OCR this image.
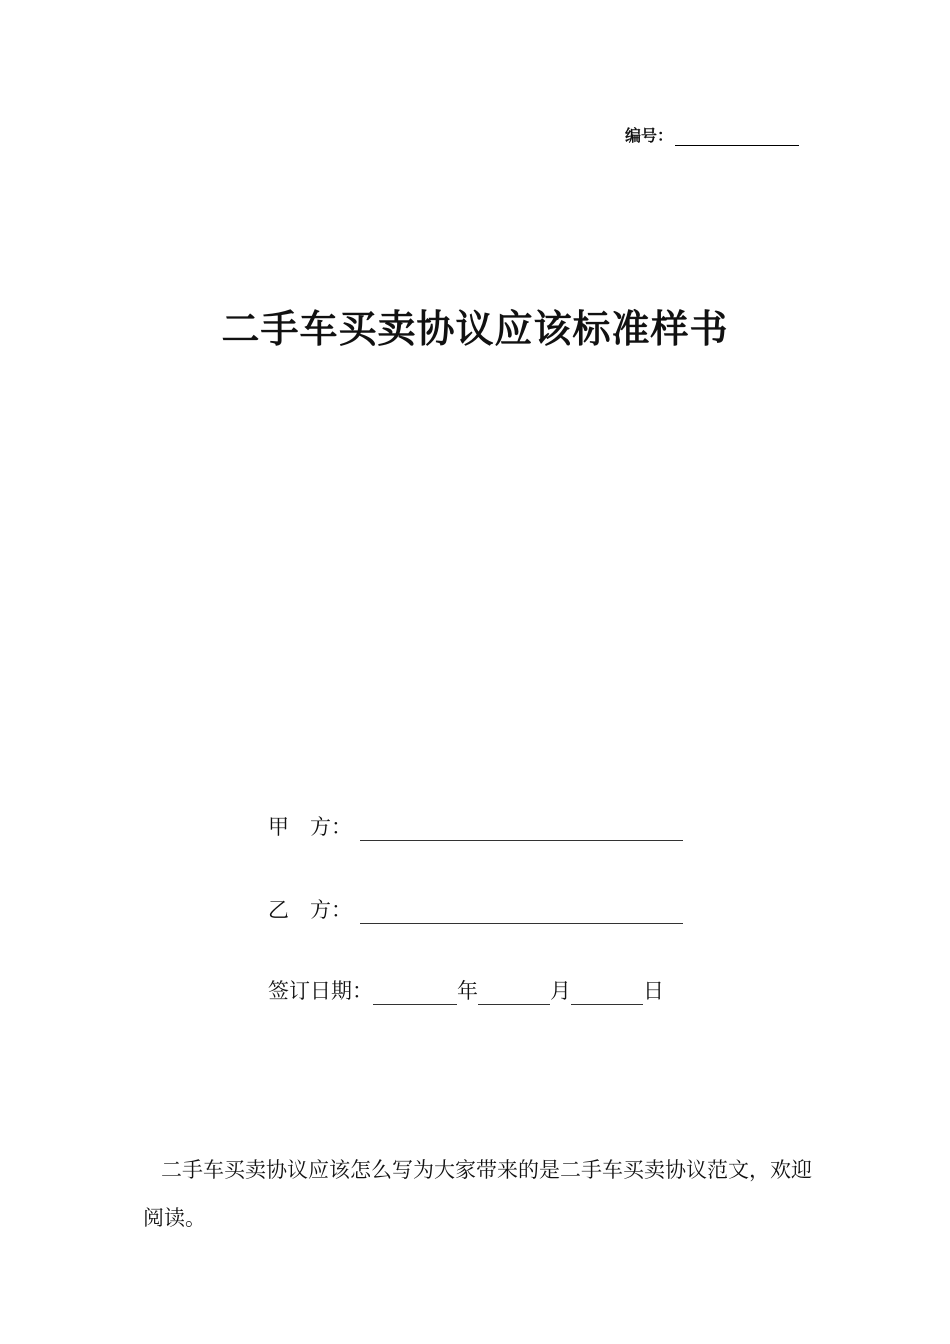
编号：
二手车买卖协议应该标准样书
甲　方：
乙　方：
签订日期：	年	月	日

二手车买卖协议应该怎么写为大家带来的是二手车买卖协议范文，欢迎阅读。
